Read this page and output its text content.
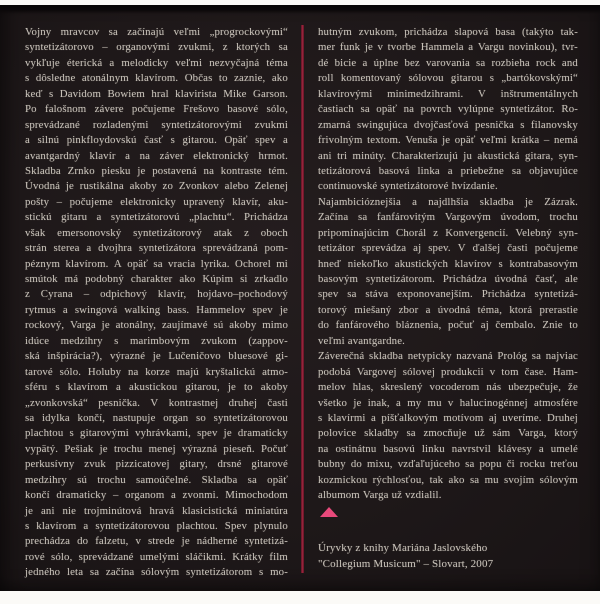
Vojny mravcov sa začínajú veľmi „progrockovými“
syntetizátorovo – organovými zvukmi, z ktorých sa
vykľuje éterická a melodicky veľmi nezvyčajná téma
s dôsledne atonálnym klavírom. Občas to zaznie, ako
keď s Davidom Bowiem hral klavirista Mike Garson.
Po falošnom závere počujeme Frešovo basové sólo,
sprevádzané rozladenými syntetizátorovými zvukmi
a silnú pinkfloydovskú časť s gitarou. Opäť spev a
avantgardný klavír a na záver elektronický hrmot.
Skladba Zrnko piesku je postavená na kontraste tém.
Úvodná je rustikálna akoby zo Zvonkov alebo Zelenej
pošty – počujeme elektronicky upravený klavír, aku-
stickú gitaru a syntetizátorovú „plachtu“. Prichádza
však emersonovský syntetizátorový atak z oboch
strán sterea a dvojhra syntetizátora sprevádzaná pom-
péznym klavírom. A opäť sa vracia lyrika. Ochorel mi
smútok má podobný charakter ako Kúpim si zrkadlo
z Cyrana – odpichový klavír, hojdavo–pochodový
rytmus a swingová walking bass. Hammelov spev je
rockový, Varga je atonálny, zaujímavé sú akoby mimo
idúce medzihry s marimbovým zvukom (zappov-
ská inšpirácia?), výrazné je Lučeničovo bluesové gi-
tarové sólo. Holuby na korze majú kryštalickú atmo-
sféru s klavírom a akustickou gitarou, je to akoby
„zvonkovská“ pesnička. V kontrastnej druhej časti
sa idylka končí, nastupuje organ so syntetizátorovou
plachtou s gitarovými vyhrávkami, spev je dramaticky
vypätý. Pešiak je trochu menej výrazná pieseň. Počuť
perkusívny zvuk pizzicatovej gitary, drsné gitarové
medzihry sú trochu samoúčelné. Skladba sa opäť
končí dramaticky – organom a zvonmi. Mimochodom
je ani nie trojminútová hravá klasicistická miniatúra
s klavírom a syntetizátorovou plachtou. Spev plynulo
prechádza do falzetu, v strede je nádherné syntetizá-
rové sólo, sprevádzané umelými sláčikmi. Krátky film
jedného leta sa začína sólovým syntetizátorom s mo-
hutným zvukom, prichádza slapová basa (takýto tak-
mer funk je v tvorbe Hammela a Vargu novinkou), tvr-
dé bicie a úplne bez varovania sa rozbieha rock and
roll komentovaný sólovou gitarou s „bartókovskými“
klavírovými minimedzihrami. V inštrumentálnych
častiach sa opäť na povrch vylúpne syntetizátor. Ro-
zmarná swingujúca dvojčasťová pesnička s filanovsky
frivolným textom. Venuša je opäť veľmi krátka – nemá
ani tri minúty. Charakterizujú ju akustická gitara, syn-
tetizátorová basová linka a priebežne sa objavujúce
continuovské syntetizátorové hvízdanie.
Najambicióznejšia a najdlhšia skladba je Zázrak.
Začína sa fanfárovitým Vargovým úvodom, trochu
pripomínajúcim Chorál z Konvergencií. Velebný syn-
tetizátor sprevádza aj spev. V ďalšej časti počujeme
hneď niekoľko akustických klavírov s kontrabasovým
basovým syntetizátorom. Prichádza úvodná časť, ale
spev sa stáva exponovanejším. Prichádza syntetizá-
torový miešaný zbor a úvodná téma, ktorá prerastie
do fanfárového bláznenia, počuť aj čembalo. Znie to
veľmi avantgardne.
Záverečná skladba netypicky nazvaná Prológ sa najviac
podobá Vargovej sólovej produkcii v tom čase. Ham-
melov hlas, skreslený vocoderom nás ubezpečuje, že
všetko je inak, a my mu v halucinogénnej atmosfére
s klavírmi a píšťalkovým motívom aj uveríme. Druhej
polovice skladby sa zmocňuje už sám Varga, ktorý
na ostinátnu basovú linku navrstvil klávesy a umelé
bubny do mixu, vzďaľujúceho sa popu či rocku treťou
kozmickou rýchlosťou, tak ako sa mu svojím sólovým
albumom Varga už vzdialil.
Úryvky z knihy Mariána Jaslovského
"Collegium Musicum" – Slovart, 2007
